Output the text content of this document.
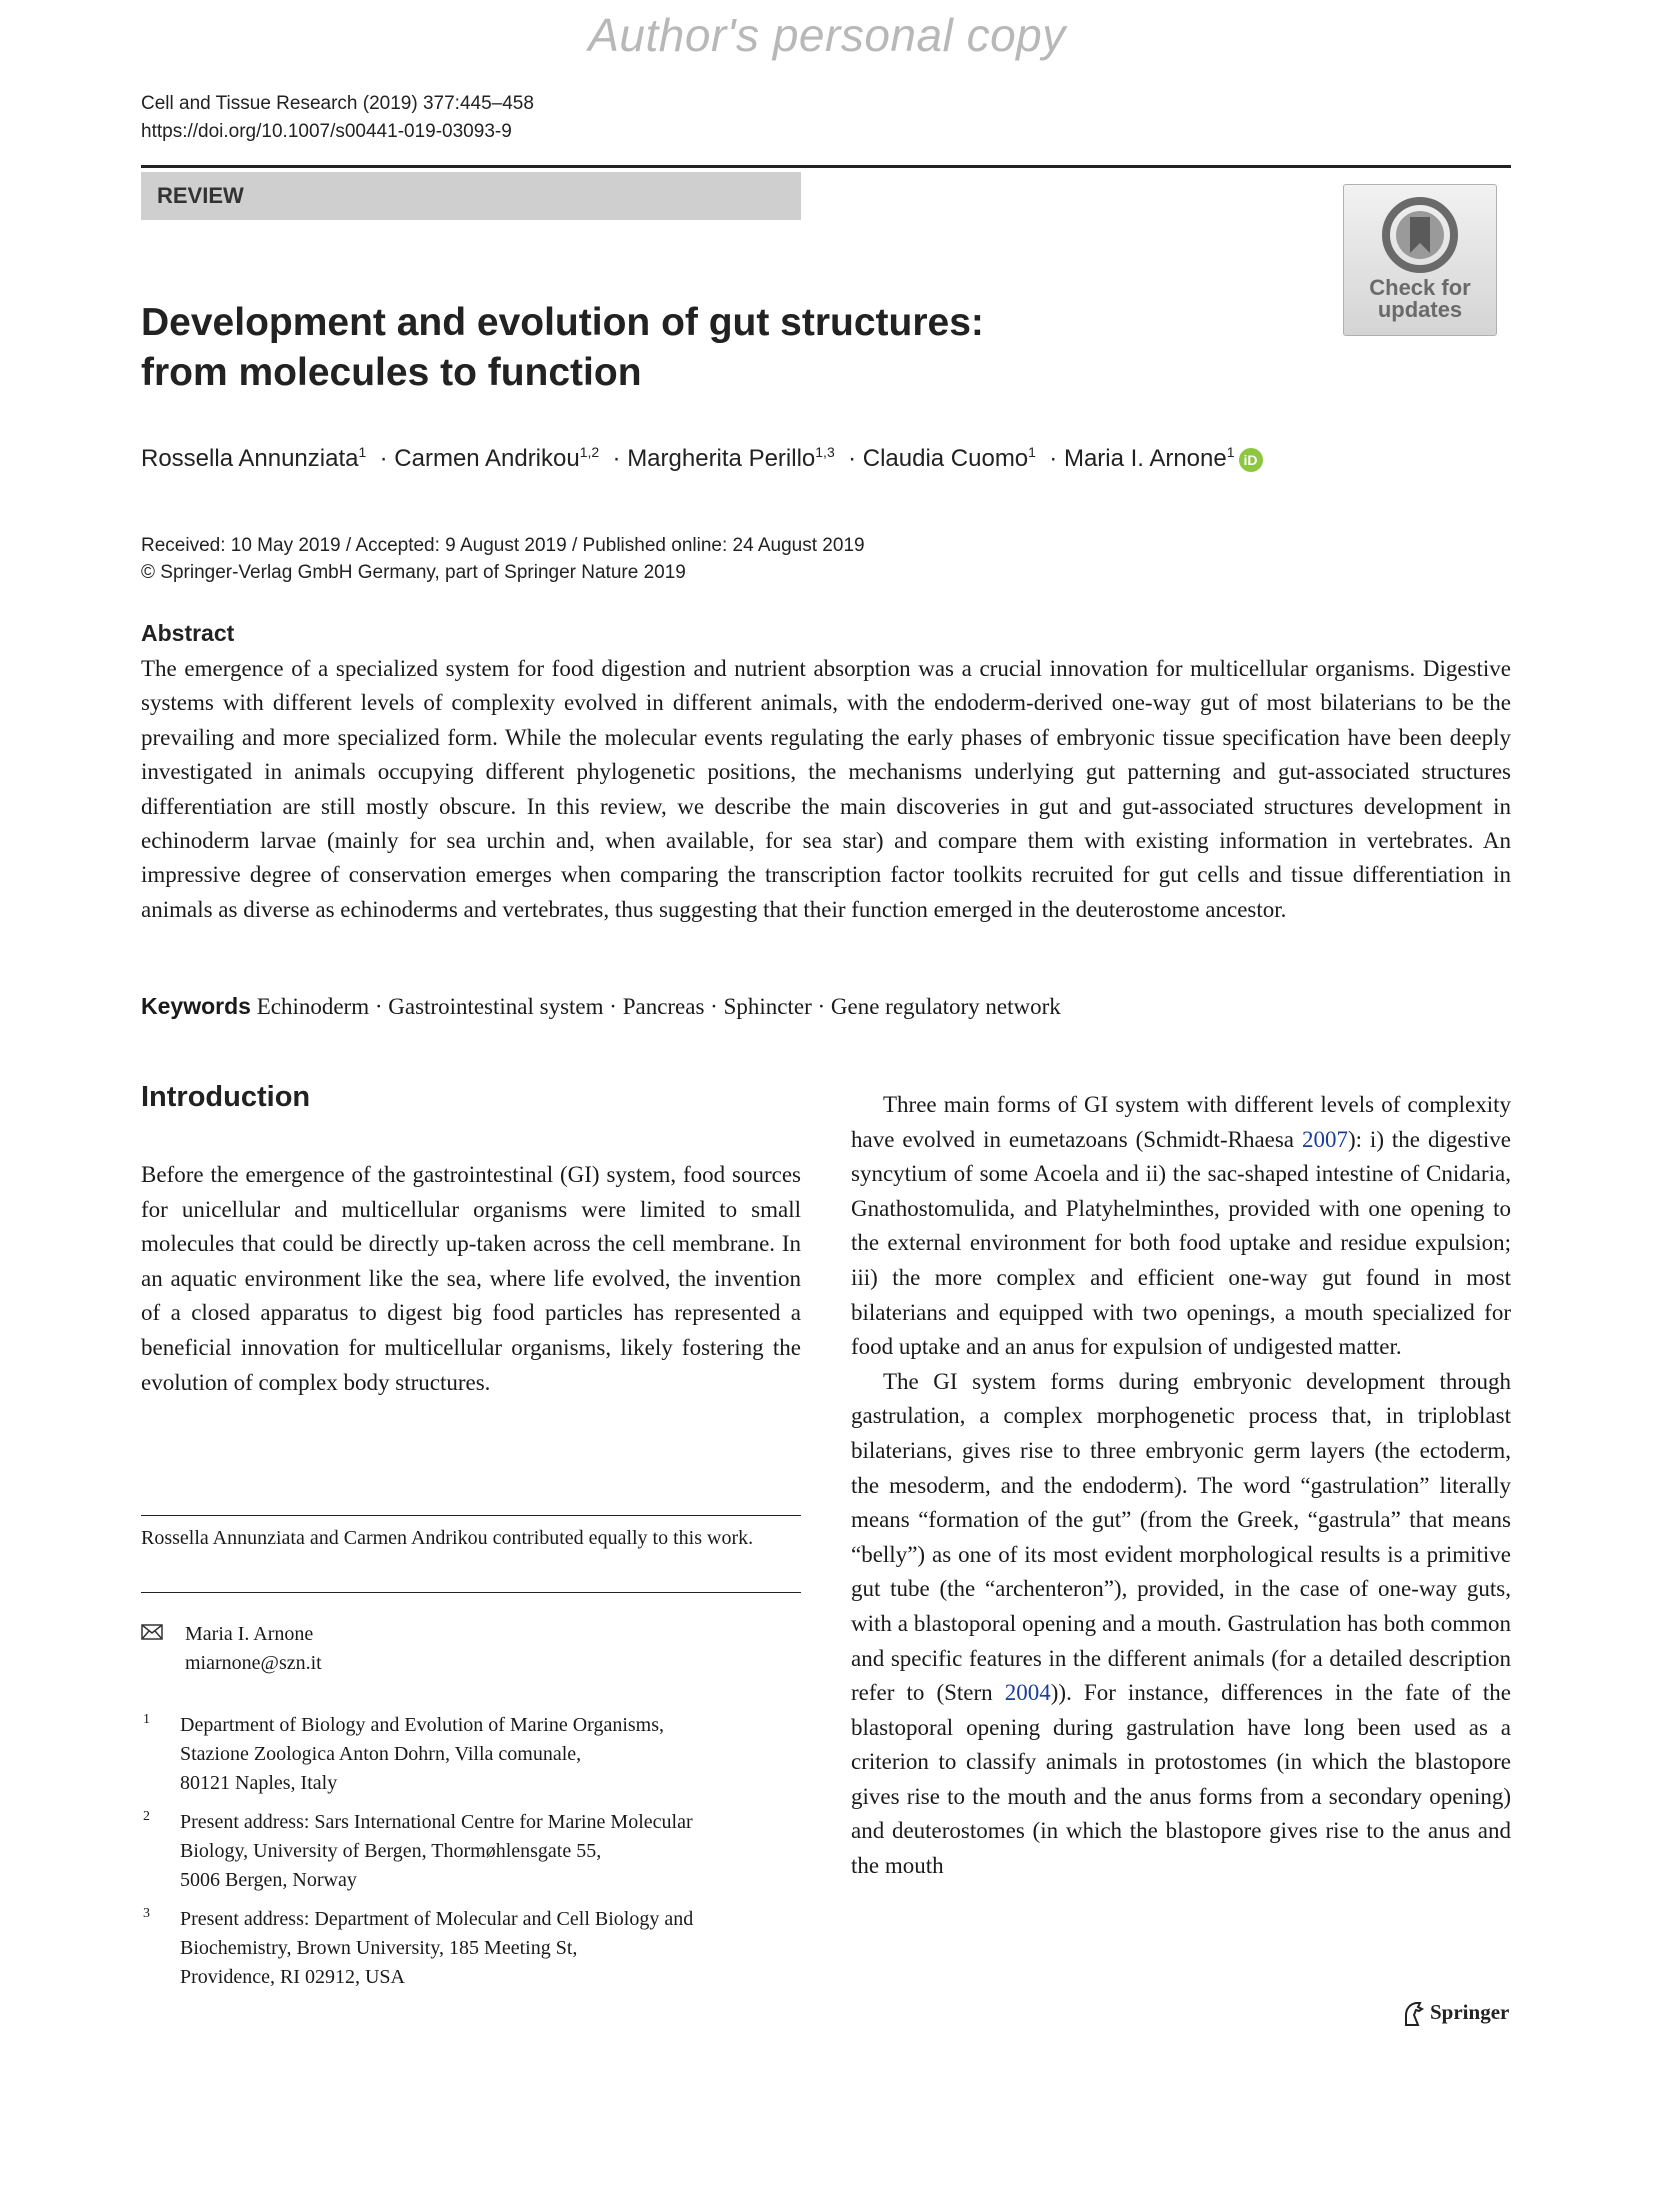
Author's personal copy
Cell and Tissue Research (2019) 377:445–458
https://doi.org/10.1007/s00441-019-03093-9
REVIEW
Check for
updates
Development and evolution of gut structures:
from molecules to function
Rossella Annunziata$^1$  · Carmen Andrikou$^{1,2}$  · Margherita Perillo$^{1,3}$  · Claudia Cuomo$^1$  · Maria I. Arnone$^1$ iD
Received: 10 May 2019 / Accepted: 9 August 2019 / Published online: 24 August 2019
© Springer-Verlag GmbH Germany, part of Springer Nature 2019
Abstract
The emergence of a specialized system for food digestion and nutrient absorption was a crucial innovation for multicellular organisms. Digestive systems with different levels of complexity evolved in different animals, with the endoderm-derived one-way gut of most bilaterians to be the prevailing and more specialized form. While the molecular events regulating the early phases of embryonic tissue specification have been deeply investigated in animals occupying different phylogenetic positions, the mechanisms underlying gut patterning and gut-associated structures differentiation are still mostly obscure. In this review, we describe the main discoveries in gut and gut-associated structures development in echinoderm larvae (mainly for sea urchin and, when available, for sea star) and compare them with existing information in vertebrates. An impressive degree of conservation emerges when comparing the transcription factor toolkits recruited for gut cells and tissue differentiation in animals as diverse as echinoderms and vertebrates, thus suggesting that their function emerged in the deuterostome ancestor.
Keywords Echinoderm · Gastrointestinal system · Pancreas · Sphincter · Gene regulatory network
Introduction
Before the emergence of the gastrointestinal (GI) system, food sources for unicellular and multicellular organisms were limited to small molecules that could be directly up-taken across the cell membrane. In an aquatic environment like the sea, where life evolved, the invention of a closed apparatus to digest big food particles has represented a beneficial innovation for multicellular organisms, likely fostering the evolution of complex body structures.

Three main forms of GI system with different levels of complexity have evolved in eumetazoans (Schmidt-Rhaesa 2007): i) the digestive syncytium of some Acoela and ii) the sac-shaped intestine of Cnidaria, Gnathostomulida, and Platyhelminthes, provided with one opening to the external environment for both food uptake and residue expulsion; iii) the more complex and efficient one-way gut found in most bilaterians and equipped with two openings, a mouth specialized for food uptake and an anus for expulsion of undigested matter.

The GI system forms during embryonic development through gastrulation, a complex morphogenetic process that, in triploblast bilaterians, gives rise to three embryonic germ layers (the ectoderm, the mesoderm, and the endoderm). The word “gastrulation” literally means “formation of the gut” (from the Greek, “gastrula” that means “belly”) as one of its most evident morphological results is a primitive gut tube (the “archenteron”), provided, in the case of one-way guts, with a blastoporal opening and a mouth. Gastrulation has both common and specific features in the different animals (for a detailed description refer to (Stern 2004)). For instance, differences in the fate of the blastoporal opening during gastrulation have long been used as a criterion to classify animals in protostomes (in which the blastopore gives rise to the mouth and the anus forms from a secondary opening) and deuterostomes (in which the blastopore gives rise to the anus and the mouth

Rossella Annunziata and Carmen Andrikou contributed equally to this work.
Maria I. Arnone
miarnone@szn.it
1 Department of Biology and Evolution of Marine Organisms,
Stazione Zoologica Anton Dohrn, Villa comunale,
80121 Naples, Italy
2 Present address: Sars International Centre for Marine Molecular
Biology, University of Bergen, Thormøhlensgate 55,
5006 Bergen, Norway
3 Present address: Department of Molecular and Cell Biology and
Biochemistry, Brown University, 185 Meeting St,
Providence, RI 02912, USA
Springer
